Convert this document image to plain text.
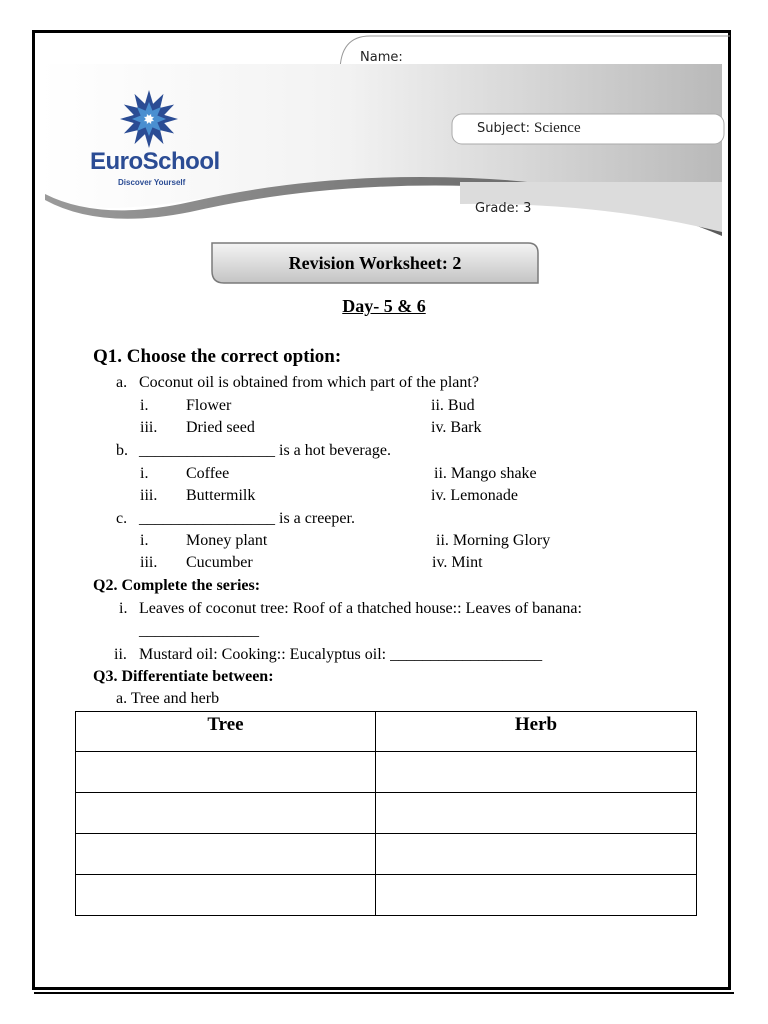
EuroSchool
Discover Yourself
Name:
Subject: Science
Grade: 3
Revision Worksheet: 2
Day- 5 & 6
Q1. Choose the correct option:
a. Coconut oil is obtained from which part of the plant?
i. Flower	ii. Bud
iii. Dried seed	iv. Bark
b. _________________ is a hot beverage.
i. Coffee	ii. Mango shake
iii. Buttermilk	iv. Lemonade
c. _________________ is a creeper.
i. Money plant	ii. Morning Glory
iii. Cucumber	iv. Mint
Q2. Complete the series:
i. Leaves of coconut tree: Roof of a thatched house:: Leaves of banana:
_______________
ii. Mustard oil: Cooking:: Eucalyptus oil: ___________________
Q3. Differentiate between:
a. Tree and herb
Tree	Herb
